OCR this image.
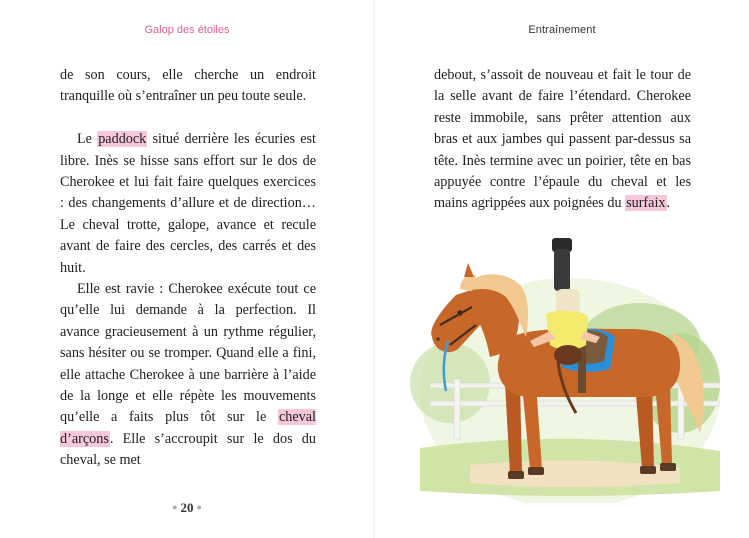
Galop des étoiles

de son cours, elle cherche un endroit tranquille où s’entraîner un peu toute seule.

Le paddock situé derrière les écuries est libre. Inès se hisse sans effort sur le dos de Cherokee et lui fait faire quelques exercices : des changements d’allure et de direction… Le cheval trotte, galope, avance et recule avant de faire des cercles, des carrés et des huit.

Elle est ravie : Cherokee exécute tout ce qu’elle lui demande à la perfection. Il avance gracieusement à un rythme régulier, sans hésiter ou se tromper. Quand elle a fini, elle attache Cherokee à une barrière à l’aide de la longe et elle répète les mouvements qu’elle a faits plus tôt sur le cheval d’arçons. Elle s’accroupit sur le dos du cheval, se met

● 20 ●
Entraînement

debout, s’assoit de nouveau et fait le tour de la selle avant de faire l’étendard. Cherokee reste immobile, sans prêter attention aux bras et aux jambes qui passent par-dessus sa tête. Inès termine avec un poirier, tête en bas appuyée contre l’épaule du cheval et les mains agrippées aux poignées du surfaix.
